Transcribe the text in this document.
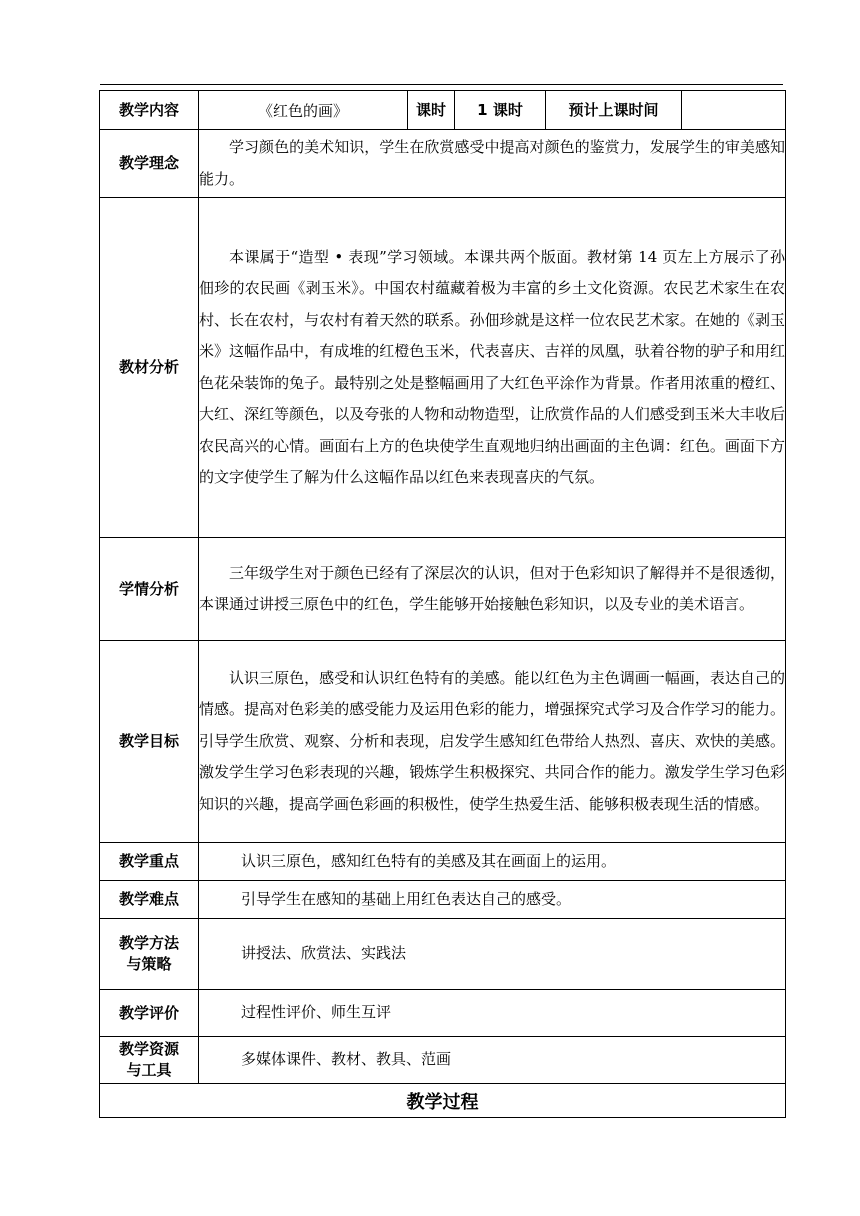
教学内容	《红色的画》	课时	1 课时	预计上课时间	
教学理念	学习颜色的美术知识，学生在欣赏感受中提高对颜色的鉴赏力，发展学生的审美感知能力。				
教材分析	本课属于“造型 • 表现”学习领域。本课共两个版面。教材第 14 页左上方展示了孙佃珍的农民画《剥玉米》。中国农村蕴藏着极为丰富的乡土文化资源。农民艺术家生在农村、长在农村，与农村有着天然的联系。孙佃珍就是这样一位农民艺术家。在她的《剥玉米》这幅作品中，有成堆的红橙色玉米，代表喜庆、吉祥的凤凰，驮着谷物的驴子和用红色花朵装饰的兔子。最特别之处是整幅画用了大红色平涂作为背景。作者用浓重的橙红、大红、深红等颜色，以及夸张的人物和动物造型，让欣赏作品的人们感受到玉米大丰收后农民高兴的心情。画面右上方的色块使学生直观地归纳出画面的主色调：红色。画面下方的文字使学生了解为什么这幅作品以红色来表现喜庆的气氛。				
学情分析	三年级学生对于颜色已经有了深层次的认识，但对于色彩知识了解得并不是很透彻，本课通过讲授三原色中的红色，学生能够开始接触色彩知识，以及专业的美术语言。				
教学目标	认识三原色，感受和认识红色特有的美感。能以红色为主色调画一幅画，表达自己的情感。提高对色彩美的感受能力及运用色彩的能力，增强探究式学习及合作学习的能力。引导学生欣赏、观察、分析和表现，启发学生感知红色带给人热烈、喜庆、欢快的美感。激发学生学习色彩表现的兴趣，锻炼学生积极探究、共同合作的能力。激发学生学习色彩知识的兴趣，提高学画色彩画的积极性，使学生热爱生活、能够积极表现生活的情感。				
教学重点	认识三原色，感知红色特有的美感及其在画面上的运用。				
教学难点	引导学生在感知的基础上用红色表达自己的感受。				

教学方法
与策略	讲授法、欣赏法、实践法				
教学评价	过程性评价、师生互评				

教学资源
与工具	多媒体课件、教材、教具、范画				
教学过程					
